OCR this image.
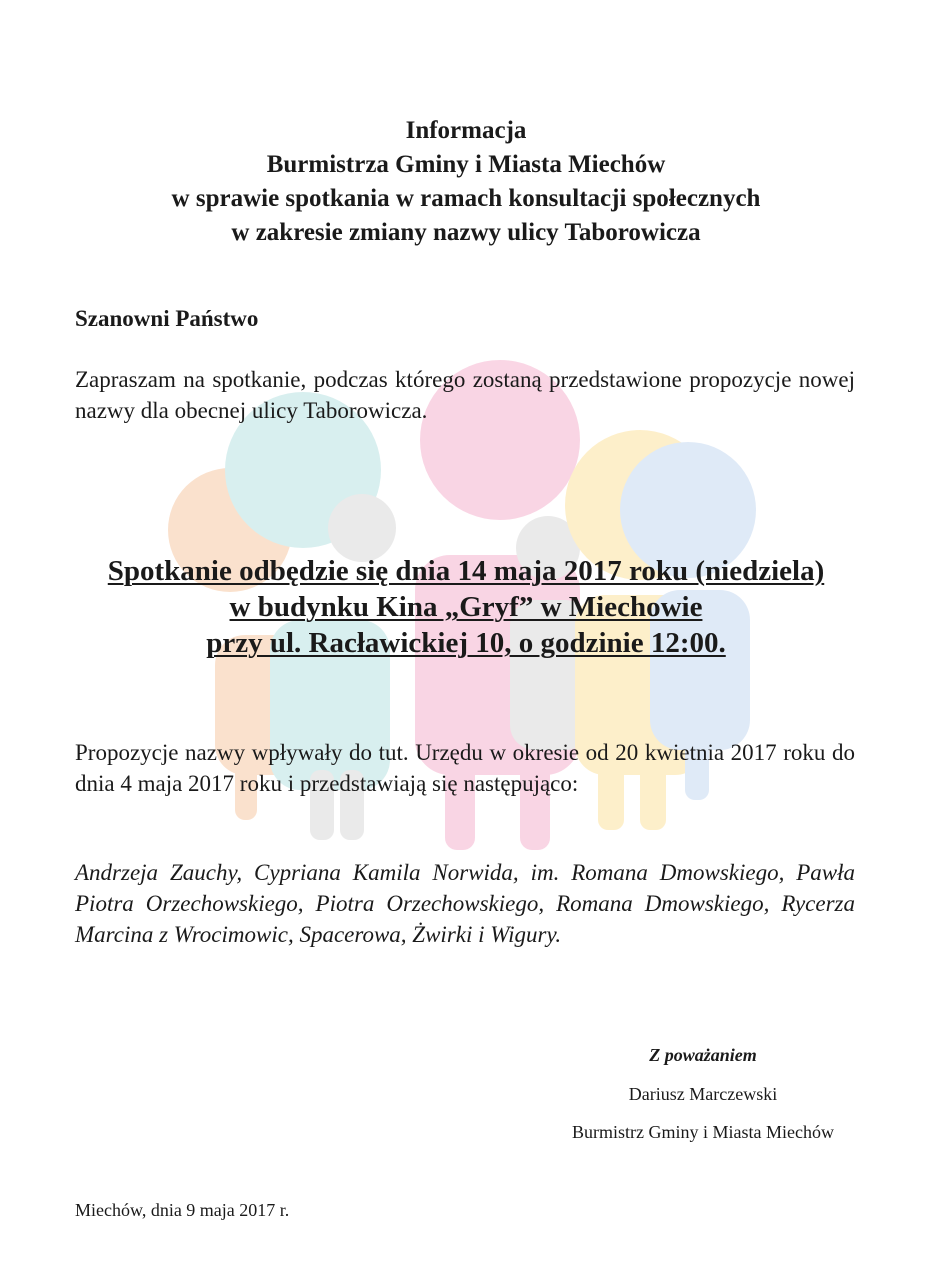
Informacja
Burmistrza Gminy i Miasta Miechów
w sprawie spotkania w ramach konsultacji społecznych
w zakresie zmiany nazwy ulicy Taborowicza
Szanowni Państwo
Zapraszam na spotkanie, podczas którego zostaną przedstawione propozycje nowej nazwy dla obecnej ulicy Taborowicza.
Spotkanie odbędzie się dnia 14 maja 2017 roku (niedziela)
w budynku Kina „Gryf” w Miechowie
przy ul. Racławickiej 10, o godzinie 12:00.
Propozycje nazwy wpływały do tut. Urzędu w okresie od 20 kwietnia 2017 roku do dnia 4 maja 2017 roku i przedstawiają się następująco:
Andrzeja Zauchy, Cypriana Kamila Norwida, im. Romana Dmowskiego, Pawła Piotra Orzechowskiego, Piotra Orzechowskiego, Romana Dmowskiego, Rycerza Marcina z Wrocimowic, Spacerowa, Żwirki i Wigury.
Z poważaniem
Dariusz Marczewski
Burmistrz Gminy i Miasta Miechów
Miechów, dnia 9 maja 2017 r.
